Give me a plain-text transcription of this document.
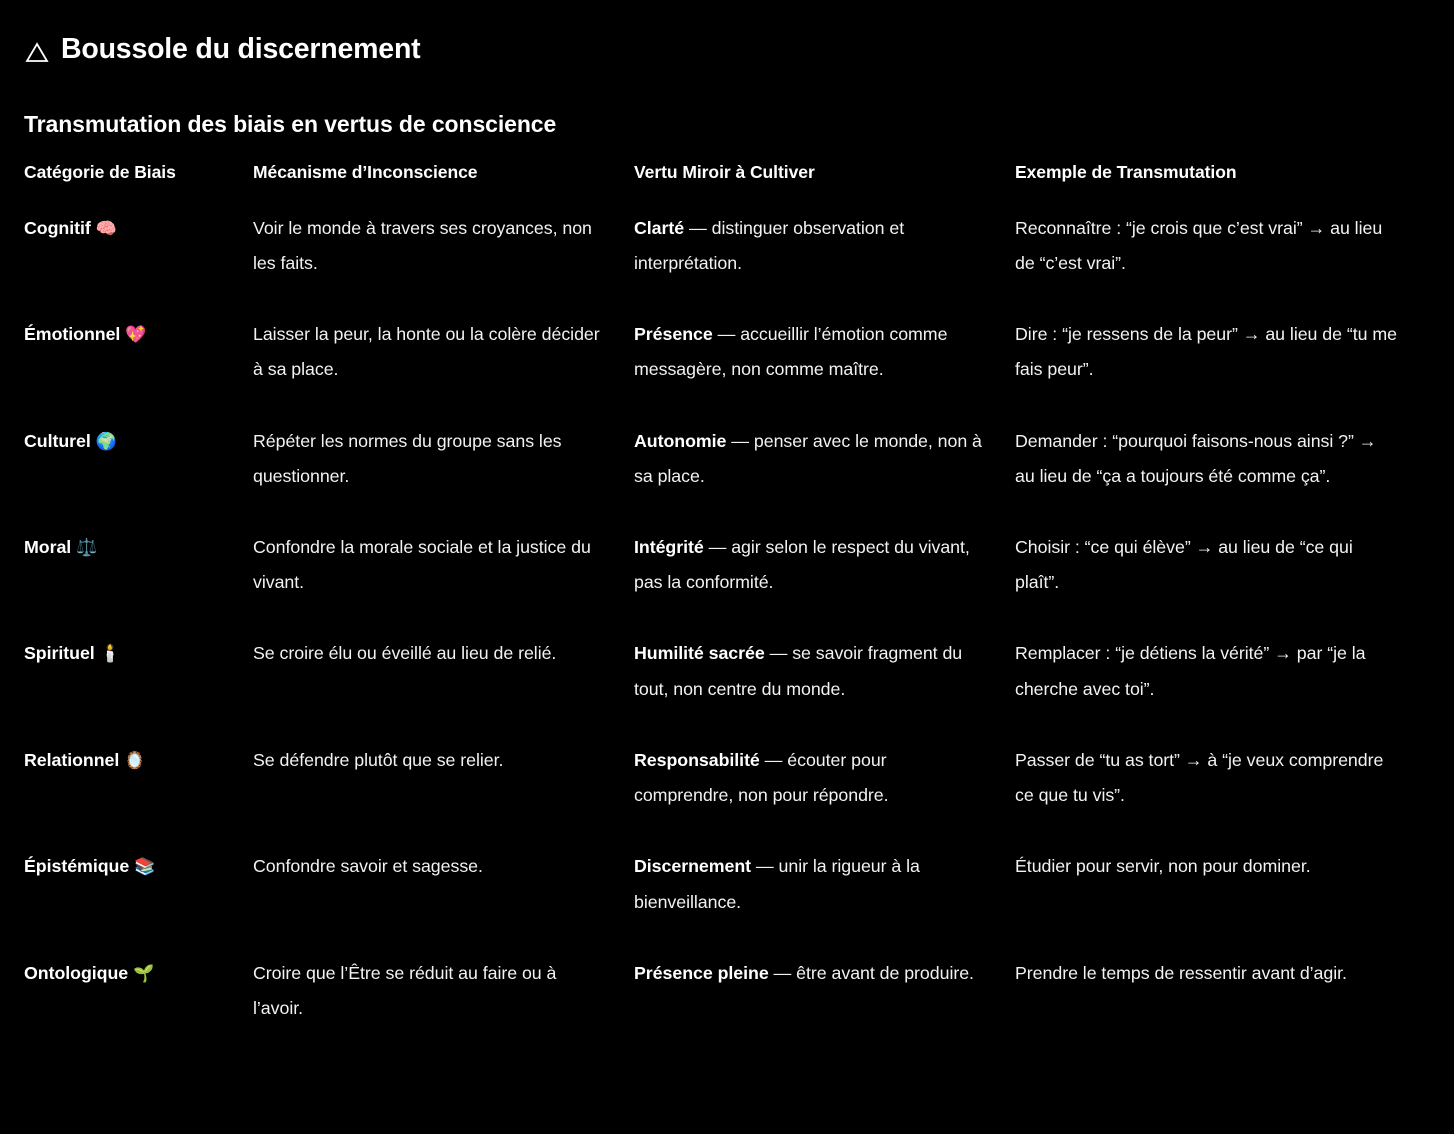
Boussole du discernement
Transmutation des biais en vertus de conscience
Catégorie de Biais	Mécanisme d’Inconscience	Vertu Miroir à Cultiver	Exemple de Transmutation
Cognitif 🧠	Voir le monde à travers ses croyances, non les faits.	Clarté — distinguer observation et interprétation.	Reconnaître : “je crois que c’est vrai” → au lieu de “c’est vrai”.
Émotionnel 💖	Laisser la peur, la honte ou la colère décider à sa place.	Présence — accueillir l’émotion comme messagère, non comme maître.	Dire : “je ressens de la peur” → au lieu de “tu me fais peur”.
Culturel 🌍	Répéter les normes du groupe sans les questionner.	Autonomie — penser avec le monde, non à sa place.	Demander : “pourquoi faisons-nous ainsi ?” → au lieu de “ça a toujours été comme ça”.
Moral ⚖️	Confondre la morale sociale et la justice du vivant.	Intégrité — agir selon le respect du vivant, pas la conformité.	Choisir : “ce qui élève” → au lieu de “ce qui plaît”.
Spirituel 🕯️	Se croire élu ou éveillé au lieu de relié.	Humilité sacrée — se savoir fragment du tout, non centre du monde.	Remplacer : “je détiens la vérité” → par “je la cherche avec toi”.
Relationnel 🪞	Se défendre plutôt que se relier.	Responsabilité — écouter pour comprendre, non pour répondre.	Passer de “tu as tort” → à “je veux comprendre ce que tu vis”.
Épistémique 📚	Confondre savoir et sagesse.	Discernement — unir la rigueur à la bienveillance.	Étudier pour servir, non pour dominer.
Ontologique 🌱	Croire que l’Être se réduit au faire ou à l’avoir.	Présence pleine — être avant de produire.	Prendre le temps de ressentir avant d’agir.
